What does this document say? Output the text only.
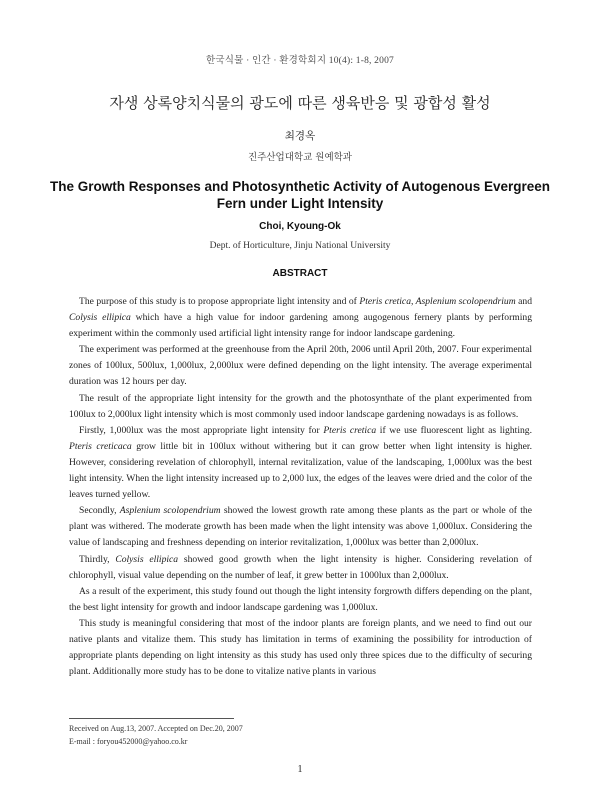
한국식물 · 인간 · 환경학회지 10(4): 1-8, 2007
자생 상록양치식물의 광도에 따른 생육반응 및 광합성 활성
최경옥
진주산업대학교 원예학과
The Growth Responses and Photosynthetic Activity of Autogenous Evergreen Fern under Light Intensity
Choi, Kyoung-Ok
Dept. of Horticulture, Jinju National University
ABSTRACT

The purpose of this study is to propose appropriate light intensity and of Pteris cretica, Asplenium scolopendrium and Colysis ellipica which have a high value for indoor gardening among augogenous fernery plants by performing experiment within the commonly used artificial light intensity range for indoor landscape gardening.

The experiment was performed at the greenhouse from the April 20th, 2006 until April 20th, 2007. Four experimental zones of 100lux, 500lux, 1,000lux, 2,000lux were defined depending on the light intensity. The average experimental duration was 12 hours per day.

The result of the appropriate light intensity for the growth and the photosynthate of the plant experimented from 100lux to 2,000lux light intensity which is most commonly used indoor landscape gardening nowadays is as follows.

Firstly, 1,000lux was the most appropriate light intensity for Pteris cretica if we use fluorescent light as lighting. Pteris creticaca grow little bit in 100lux without withering but it can grow better when light intensity is higher. However, considering revelation of chlorophyll, internal revitalization, value of the landscaping, 1,000lux was the best light intensity. When the light intensity increased up to 2,000 lux, the edges of the leaves were dried and the color of the leaves turned yellow.

Secondly, Asplenium scolopendrium showed the lowest growth rate among these plants as the part or whole of the plant was withered. The moderate growth has been made when the light intensity was above 1,000lux. Considering the value of landscaping and freshness depending on interior revitalization, 1,000lux was better than 2,000lux.

Thirdly, Colysis ellipica showed good growth when the light intensity is higher. Considering revelation of chlorophyll, visual value depending on the number of leaf, it grew better in 1000lux than 2,000lux.

As a result of the experiment, this study found out though the light intensity forgrowth differs depending on the plant, the best light intensity for growth and indoor landscape gardening was 1,000lux.

This study is meaningful considering that most of the indoor plants are foreign plants, and we need to find out our native plants and vitalize them. This study has limitation in terms of examining the possibility for introduction of appropriate plants depending on light intensity as this study has used only three spices due to the difficulty of securing plant. Additionally more study has to be done to vitalize native plants in various

Received on Aug.13, 2007. Accepted on Dec.20, 2007
E-mail : foryou452000@yahoo.co.kr
1
